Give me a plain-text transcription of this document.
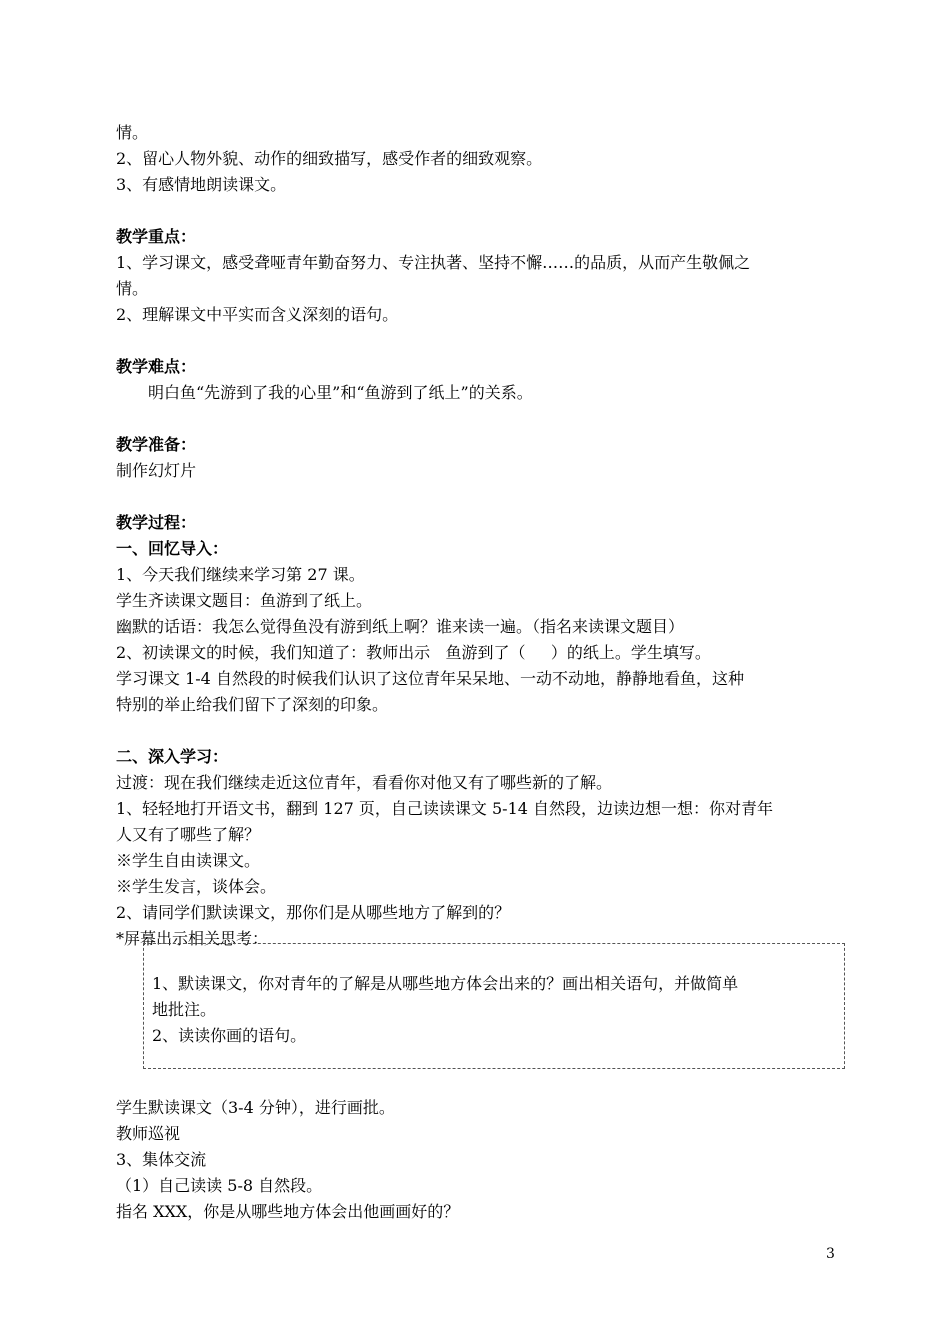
情。
2、留心人物外貌、动作的细致描写，感受作者的细致观察。
3、有感情地朗读课文。
教学重点：
1、学习课文，感受聋哑青年勤奋努力、专注执著、坚持不懈……的品质，从而产生敬佩之
情。
2、理解课文中平实而含义深刻的语句。
教学难点：
明白鱼“先游到了我的心里”和“鱼游到了纸上”的关系。
教学准备：
制作幻灯片
教学过程：
一、回忆导入：
1、今天我们继续来学习第 27 课。
学生齐读课文题目：鱼游到了纸上。
幽默的话语：我怎么觉得鱼没有游到纸上啊？谁来读一遍。（指名来读课文题目）
2、初读课文的时候，我们知道了：教师出示   鱼游到了（     ）的纸上。学生填写。
学习课文 1-4 自然段的时候我们认识了这位青年呆呆地、一动不动地，静静地看鱼，这种
特别的举止给我们留下了深刻的印象。
二、深入学习：
过渡：现在我们继续走近这位青年，看看你对他又有了哪些新的了解。
1、轻轻地打开语文书，翻到 127 页，自己读读课文 5-14 自然段，边读边想一想：你对青年
人又有了哪些了解？
※学生自由读课文。
※学生发言，谈体会。
2、请同学们默读课文，那你们是从哪些地方了解到的？
*屏幕出示相关思考：
1、默读课文，你对青年的了解是从哪些地方体会出来的？画出相关语句，并做简单
地批注。
2、读读你画的语句。
学生默读课文（3-4 分钟），进行画批。
教师巡视
3、集体交流
（1）自己读读 5-8 自然段。
指名 XXX，你是从哪些地方体会出他画画好的？
3
